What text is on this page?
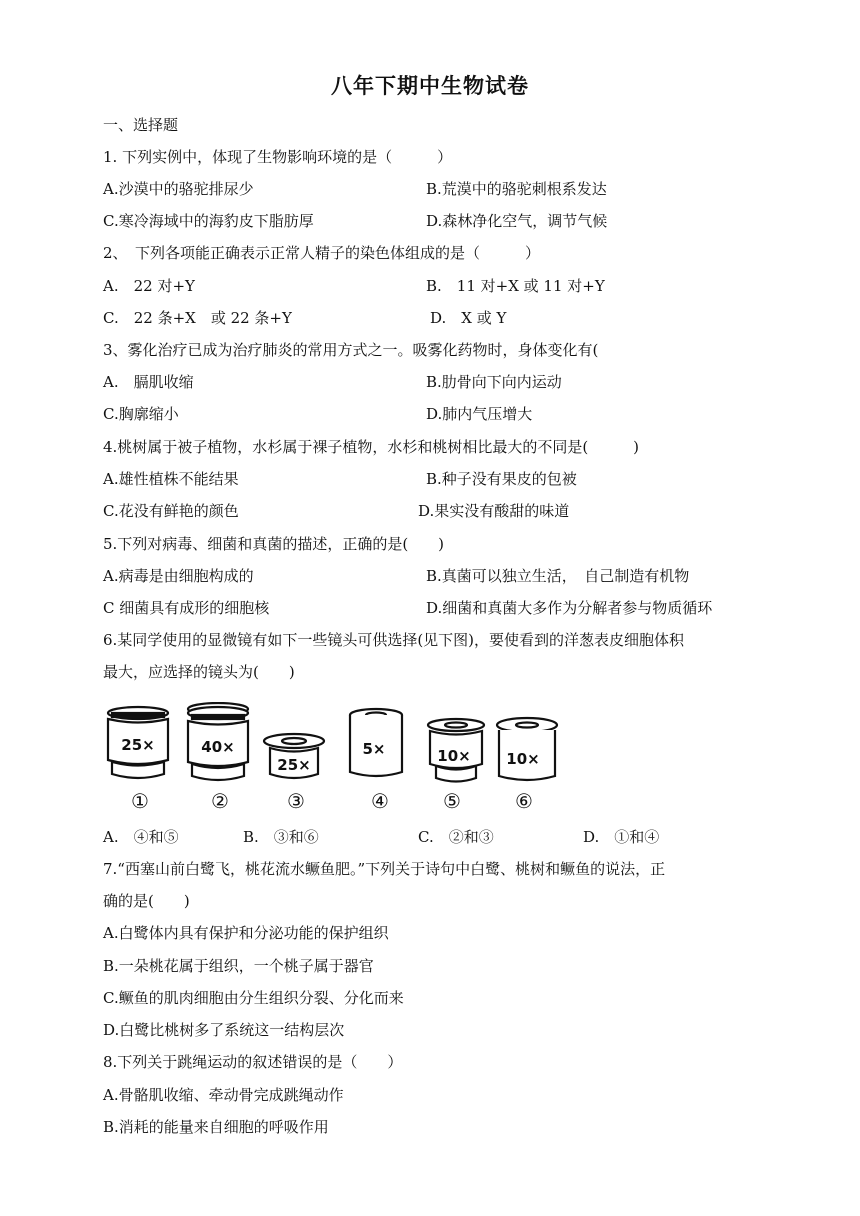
八年下期中生物试卷
一、选择题
1. 下列实例中，体现了生物影响环境的是（　　　）
A.沙漠中的骆驼排尿少	B.荒漠中的骆驼刺根系发达
C.寒冷海域中的海豹皮下脂肪厚	D.森林净化空气，调节气候
2、　下列各项能正确表示正常人精子的染色体组成的是（　　　）
A.　22 对+Y	B.　11 对+X 或 11 对+Y
C.　22 条+X　或 22 条+Y	D.　X 或 Y
3、雾化治疗已成为治疗肺炎的常用方式之一。吸雾化药物时，身体变化有(
A.　膈肌收缩	B.肋骨向下向内运动
C.胸廓缩小	D.肺内气压增大
4.桃树属于被子植物，水杉属于裸子植物，水杉和桃树相比最大的不同是(　　　)
A.雄性植株不能结果	B.种子没有果皮的包被
C.花没有鲜艳的颜色	D.果实没有酸甜的味道
5.下列对病毒、细菌和真菌的描述，正确的是(　　)
A.病毒是由细胞构成的	B.真菌可以独立生活，　自己制造有机物
C 细菌具有成形的细胞核	D.细菌和真菌大多作为分解者参与物质循环
6.某同学使用的显微镜有如下一些镜头可供选择(见下图)，要使看到的洋葱表皮细胞体积
最大，应选择的镜头为(　　)
25×	40×
25×
5×	10× 10×
①	②	③	④	⑤	⑥
A.　④和⑤	B.　③和⑥	C.　②和③	D.　①和④
7.“西塞山前白鹭飞，桃花流水鳜鱼肥。”下列关于诗句中白鹭、桃树和鳜鱼的说法，正
确的是(　　)
A.白鹭体内具有保护和分泌功能的保护组织
B.一朵桃花属于组织，一个桃子属于器官
C.鳜鱼的肌肉细胞由分生组织分裂、分化而来
D.白鹭比桃树多了系统这一结构层次
8.下列关于跳绳运动的叙述错误的是（　　）
A.骨骼肌收缩、牵动骨完成跳绳动作
B.消耗的能量来自细胞的呼吸作用
